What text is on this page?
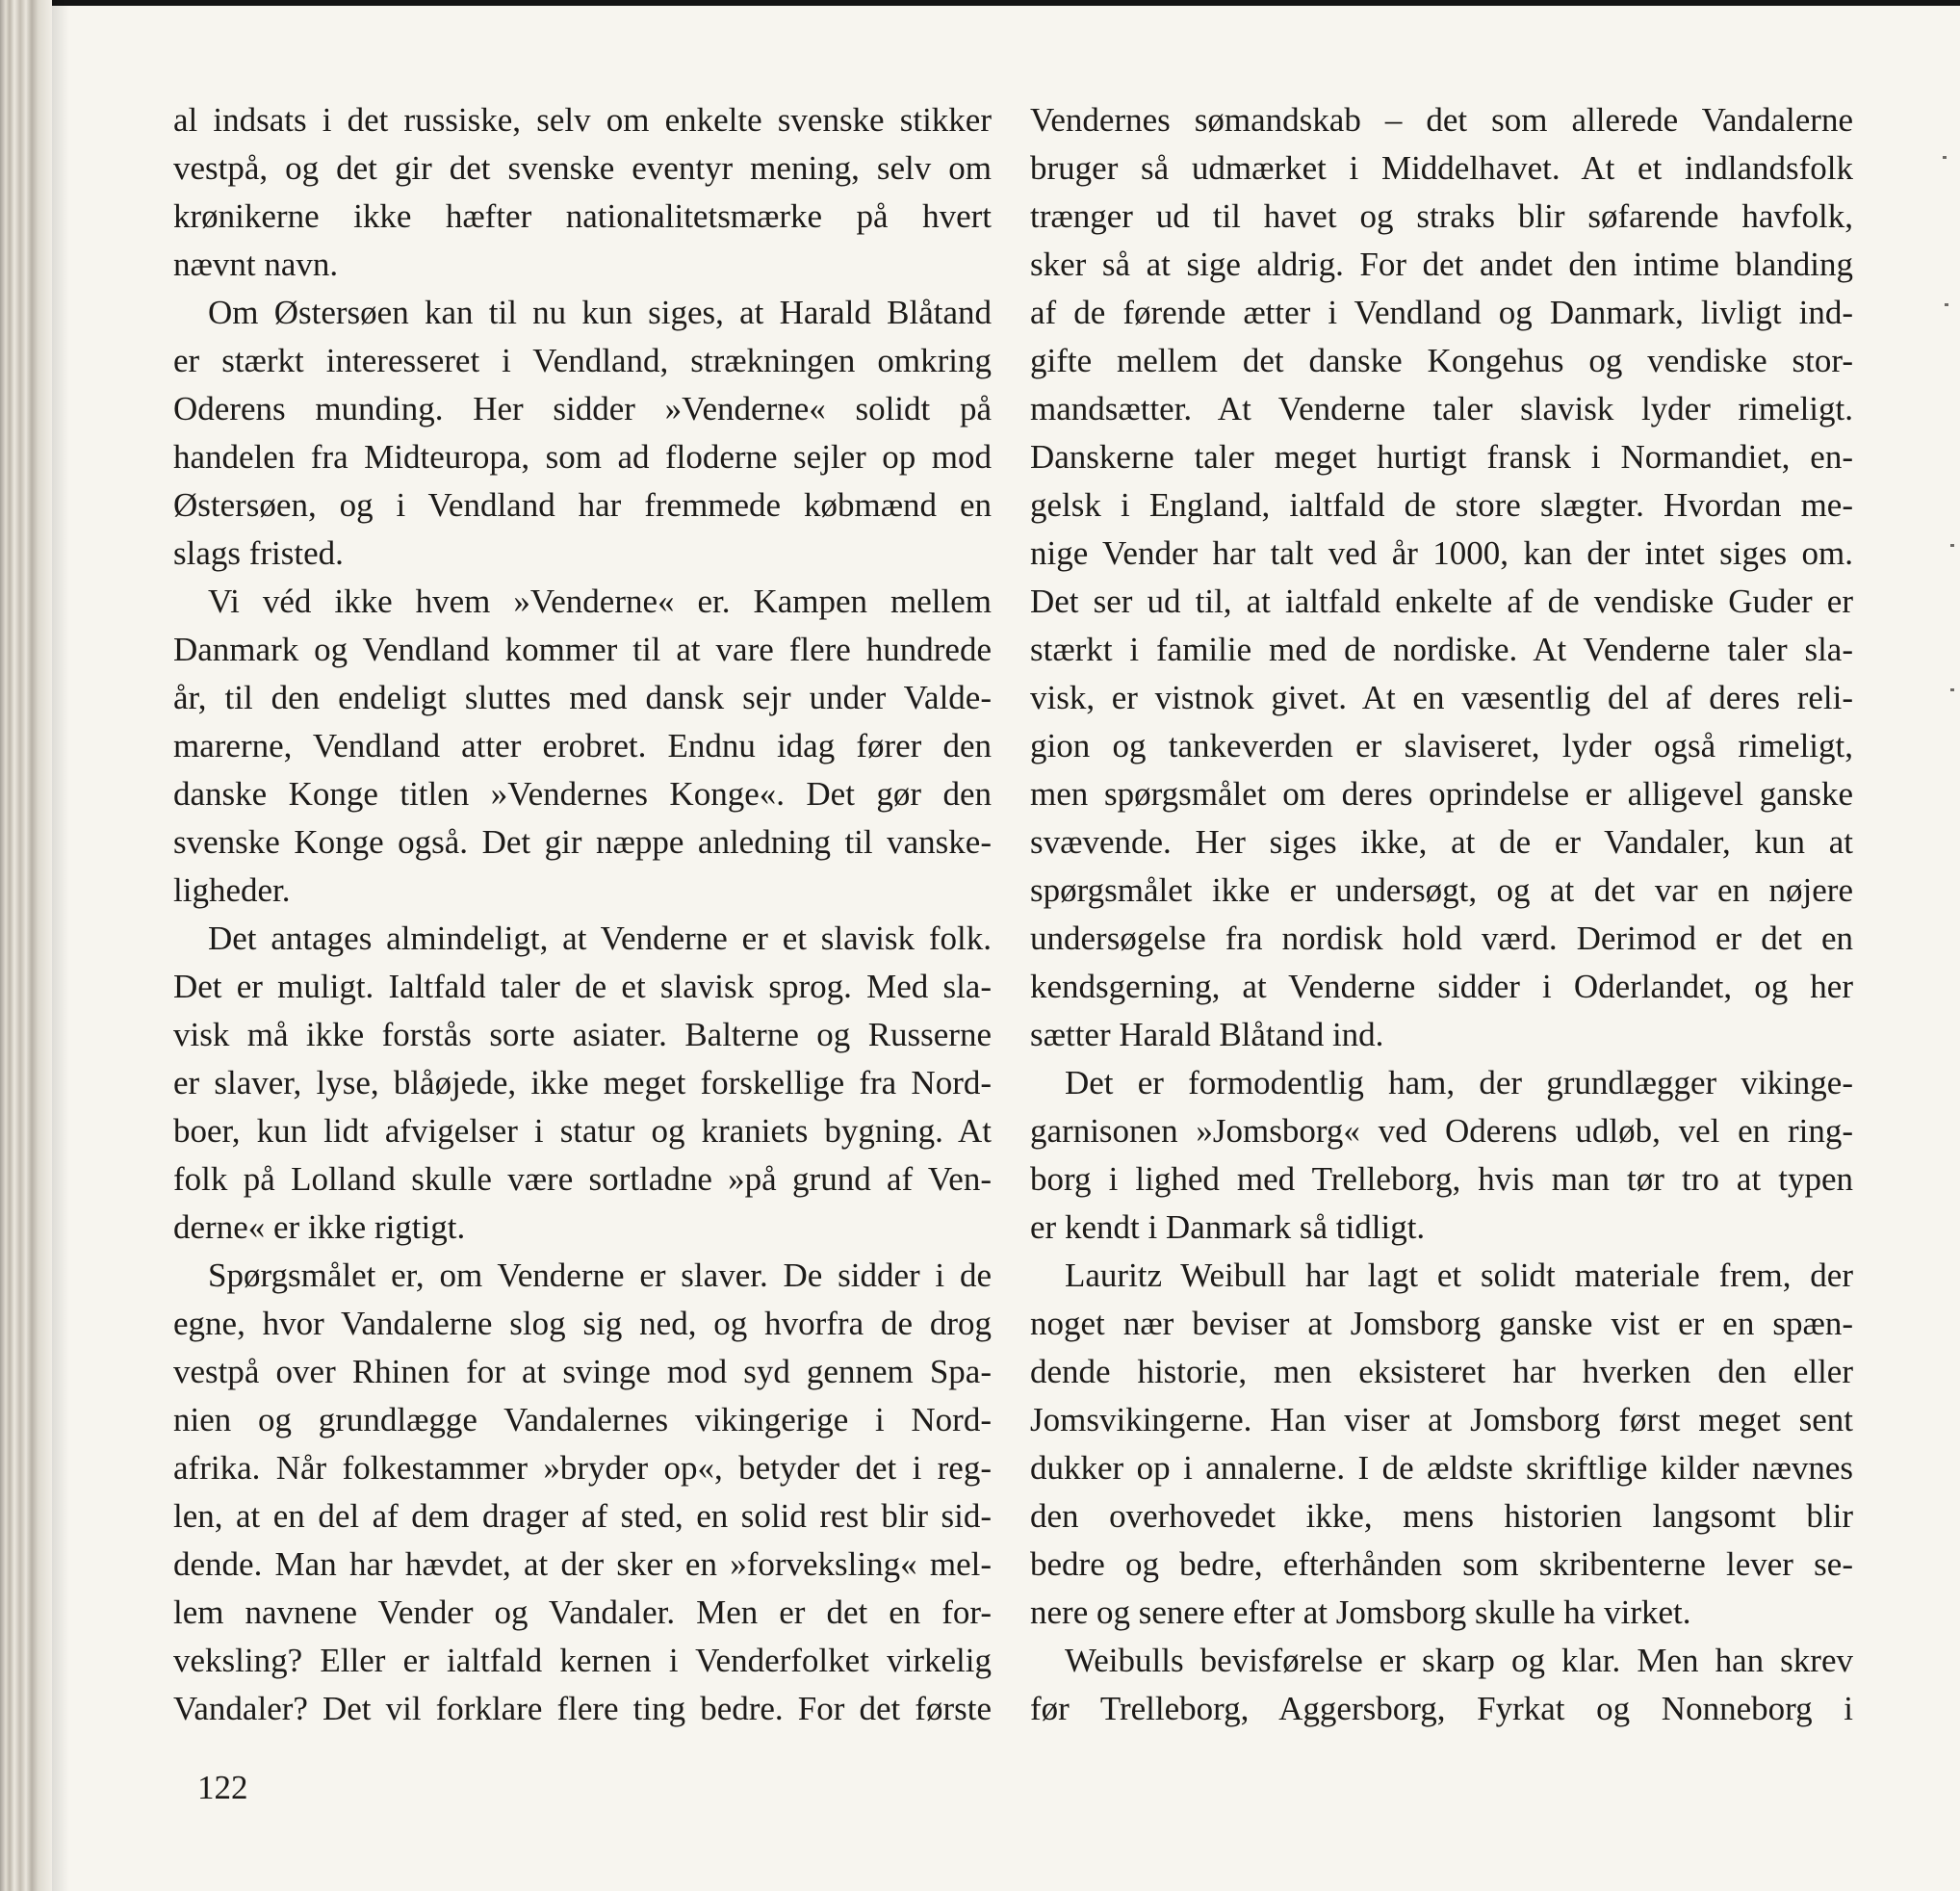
al indsats i det russiske, selv om enkelte svenske stikker
vestpå, og det gir det svenske eventyr mening, selv om
krønikerne ikke hæfter nationalitetsmærke på hvert
nævnt navn.
Om Østersøen kan til nu kun siges, at Harald Blåtand
er stærkt interesseret i Vendland, strækningen omkring
Oderens munding. Her sidder »Venderne« solidt på
handelen fra Midteuropa, som ad floderne sejler op mod
Østersøen, og i Vendland har fremmede købmænd en
slags fristed.
Vi véd ikke hvem »Venderne« er. Kampen mellem
Danmark og Vendland kommer til at vare flere hundrede
år, til den endeligt sluttes med dansk sejr under Valde-
marerne, Vendland atter erobret. Endnu idag fører den
danske Konge titlen »Vendernes Konge«. Det gør den
svenske Konge også. Det gir næppe anledning til vanske-
ligheder.
Det antages almindeligt, at Venderne er et slavisk folk.
Det er muligt. Ialtfald taler de et slavisk sprog. Med sla-
visk må ikke forstås sorte asiater. Balterne og Russerne
er slaver, lyse, blåøjede, ikke meget forskellige fra Nord-
boer, kun lidt afvigelser i statur og kraniets bygning. At
folk på Lolland skulle være sortladne »på grund af Ven-
derne« er ikke rigtigt.
Spørgsmålet er, om Venderne er slaver. De sidder i de
egne, hvor Vandalerne slog sig ned, og hvorfra de drog
vestpå over Rhinen for at svinge mod syd gennem Spa-
nien og grundlægge Vandalernes vikingerige i Nord-
afrika. Når folkestammer »bryder op«, betyder det i reg-
len, at en del af dem drager af sted, en solid rest blir sid-
dende. Man har hævdet, at der sker en »forveksling« mel-
lem navnene Vender og Vandaler. Men er det en for-
veksling? Eller er ialtfald kernen i Venderfolket virkelig
Vandaler? Det vil forklare flere ting bedre. For det første
Vendernes sømandskab – det som allerede Vandalerne
bruger så udmærket i Middelhavet. At et indlandsfolk
trænger ud til havet og straks blir søfarende havfolk,
sker så at sige aldrig. For det andet den intime blanding
af de førende ætter i Vendland og Danmark, livligt ind-
gifte mellem det danske Kongehus og vendiske stor-
mandsætter. At Venderne taler slavisk lyder rimeligt.
Danskerne taler meget hurtigt fransk i Normandiet, en-
gelsk i England, ialtfald de store slægter. Hvordan me-
nige Vender har talt ved år 1000, kan der intet siges om.
Det ser ud til, at ialtfald enkelte af de vendiske Guder er
stærkt i familie med de nordiske. At Venderne taler sla-
visk, er vistnok givet. At en væsentlig del af deres reli-
gion og tankeverden er slaviseret, lyder også rimeligt,
men spørgsmålet om deres oprindelse er alligevel ganske
svævende. Her siges ikke, at de er Vandaler, kun at
spørgsmålet ikke er undersøgt, og at det var en nøjere
undersøgelse fra nordisk hold værd. Derimod er det en
kendsgerning, at Venderne sidder i Oderlandet, og her
sætter Harald Blåtand ind.
Det er formodentlig ham, der grundlægger vikinge-
garnisonen »Jomsborg« ved Oderens udløb, vel en ring-
borg i lighed med Trelleborg, hvis man tør tro at typen
er kendt i Danmark så tidligt.
Lauritz Weibull har lagt et solidt materiale frem, der
noget nær beviser at Jomsborg ganske vist er en spæn-
dende historie, men eksisteret har hverken den eller
Jomsvikingerne. Han viser at Jomsborg først meget sent
dukker op i annalerne. I de ældste skriftlige kilder nævnes
den overhovedet ikke, mens historien langsomt blir
bedre og bedre, efterhånden som skribenterne lever se-
nere og senere efter at Jomsborg skulle ha virket.
Weibulls bevisførelse er skarp og klar. Men han skrev
før Trelleborg, Aggersborg, Fyrkat og Nonneborg i
122
